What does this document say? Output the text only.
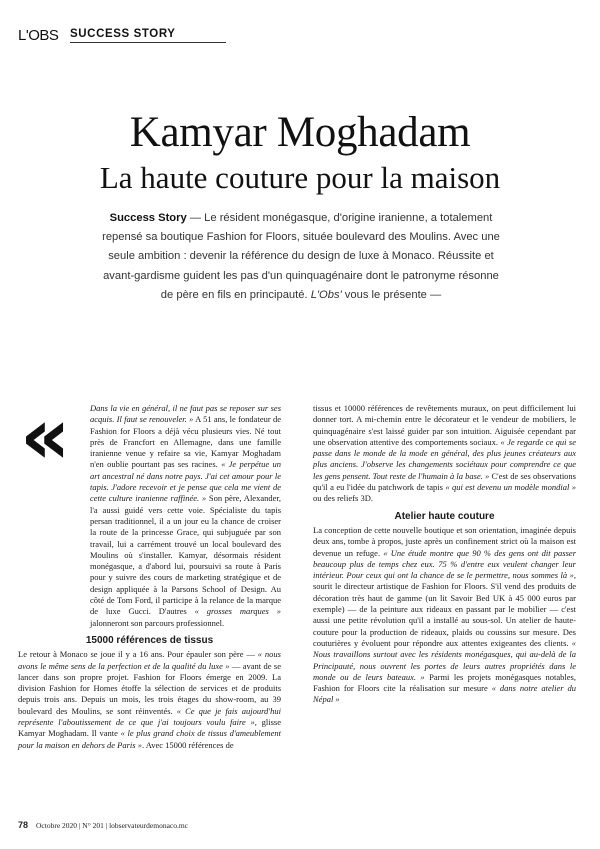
L'OBS SUCCESS STORY
Kamyar Moghadam
La haute couture pour la maison

Success Story — Le résident monégasque, d'origine iranienne, a totalement repensé sa boutique Fashion for Floors, située boulevard des Moulins. Avec une seule ambition : devenir la référence du design de luxe à Monaco. Réussite et avant-gardisme guident les pas d'un quinquagénaire dont le patronyme résonne de père en fils en principauté. L'Obs' vous le présente —

«	Dans la vie en général, il ne faut pas se reposer sur ses acquis. Il faut se renouveler. » A 51 ans, le fondateur de Fashion for Floors a déjà vécu plusieurs vies. Né tout près de Francfort en Allemagne, dans une famille iranienne venue y refaire sa vie, Kamyar Moghadam n'en oublie pourtant pas ses racines. « Je perpétue un art ancestral né dans notre pays. J'ai cet amour pour le tapis. J'adore recevoir et je pense que cela me vient de cette culture iranienne raffinée. » Son père, Alexander, l'a aussi guidé vers cette voie. Spécialiste du tapis persan traditionnel, il a un jour eu la chance de croiser la route de la princesse Grace, qui subjuguée par son travail, lui a carrément trouvé un local boulevard des Moulins où s'installer. Kamyar, désormais résident monégasque, a d'abord lui, poursuivi sa route à Paris pour y suivre des cours de marketing stratégique et de design appliquée à la Parsons School of Design. Au côté de Tom Ford, il participe à la relance de la marque de luxe Gucci. D'autres « grosses marques » jalonneront son parcours professionnel.

15000 références de tissus

Le retour à Monaco se joue il y a 16 ans. Pour épauler son père — « nous avons le même sens de la perfection et de la qualité du luxe » — avant de se lancer dans son propre projet. Fashion for Floors émerge en 2009. La division Fashion for Homes étoffe la sélection de services et de produits depuis trois ans. Depuis un mois, les trois étages du show-room, au 39 boulevard des Moulins, se sont réinventés. « Ce que je fais aujourd'hui représente l'aboutissement de ce que j'ai toujours voulu faire », glisse Kamyar Moghadam. Il vante « le plus grand choix de tissus d'ameublement pour la maison en dehors de Paris ». Avec 15000 références de

tissus et 10000 références de revêtements muraux, on peut difficilement lui donner tort. A mi-chemin entre le décorateur et le vendeur de mobiliers, le quinquagénaire s'est laissé guider par son intuition. Aiguisée cependant par une observation attentive des comportements sociaux. « Je regarde ce qui se passe dans le monde de la mode en général, des plus jeunes créateurs aux plus anciens. J'observe les changements sociétaux pour comprendre ce que les gens pensent. Tout reste de l'humain à la base. » C'est de ses observations qu'il a eu l'idée du patchwork de tapis « qui est devenu un modèle mondial » ou des reliefs 3D.

Atelier haute couture

La conception de cette nouvelle boutique et son orientation, imaginée depuis deux ans, tombe à propos, juste après un confinement strict où la maison est devenue un refuge. « Une étude montre que 90 % des gens ont dit passer beaucoup plus de temps chez eux. 75 % d'entre eux veulent changer leur intérieur. Pour ceux qui ont la chance de se le permettre, nous sommes là », sourit le directeur artistique de Fashion for Floors. S'il vend des produits de décoration très haut de gamme (un lit Savoir Bed UK à 45 000 euros par exemple) — de la peinture aux rideaux en passant par le mobilier — c'est aussi une petite révolution qu'il a installé au sous-sol. Un atelier de haute-couture pour la production de rideaux, plaids ou coussins sur mesure. Des couturières y évoluent pour répondre aux attentes exigeantes des clients. « Nous travaillons surtout avec les résidents monégasques, qui au-delà de la Principauté, nous ouvrent les portes de leurs autres propriétés dans le monde ou de leurs bateaux. » Parmi les projets monégasques notables, Fashion for Floors cite la réalisation sur mesure « dans notre atelier du Népal »

78 Octobre 2020 | N° 201 | lobservateurdemonaco.mc
